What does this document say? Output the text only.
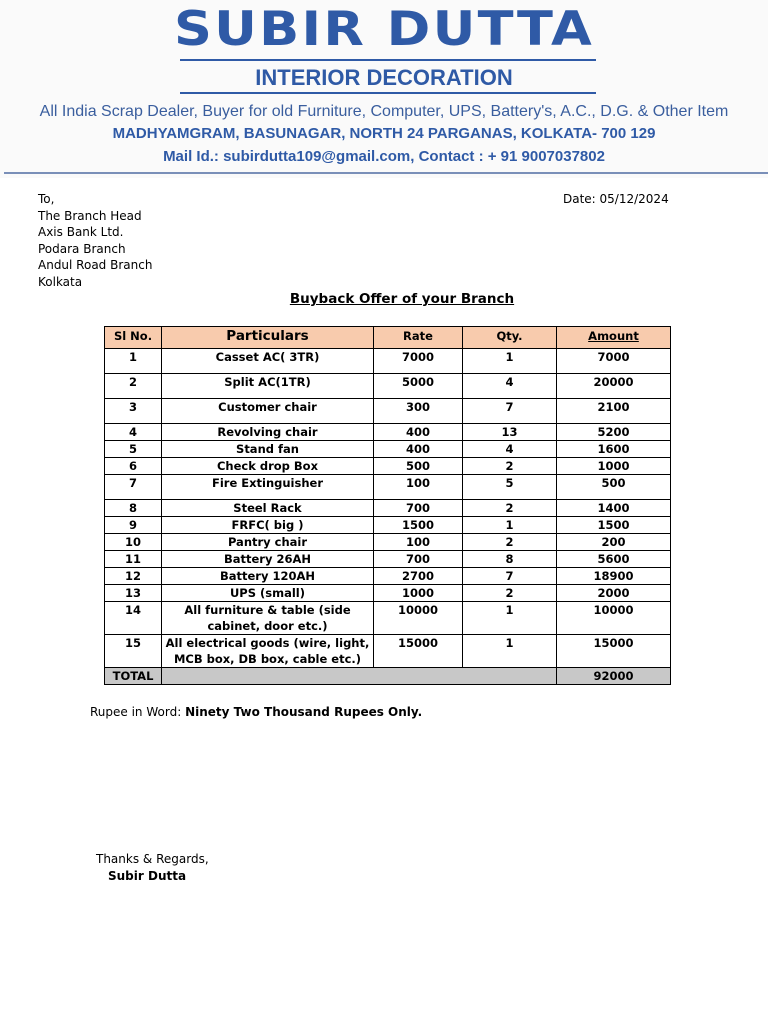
SUBIR DUTTA
INTERIOR DECORATION
All India Scrap Dealer, Buyer for old Furniture, Computer, UPS, Battery's, A.C., D.G. & Other Item
MADHYAMGRAM, BASUNAGAR, NORTH 24 PARGANAS, KOLKATA- 700 129
Mail Id.: subirdutta109@gmail.com, Contact : + 91 9007037802
To,
The Branch Head
Axis Bank Ltd.
Podara Branch
Andul Road Branch
Kolkata
Date: 05/12/2024
Buyback Offer of your Branch
Sl No.	Particulars	Rate	Qty.	Amount
1	Casset AC( 3TR)	7000	1	7000
2	Split AC(1TR)	5000	4	20000
3	Customer chair	300	7	2100
4	Revolving chair	400	13	5200
5	Stand fan	400	4	1600
6	Check drop Box	500	2	1000
7	Fire Extinguisher	100	5	500
8	Steel Rack	700	2	1400
9	FRFC( big )	1500	1	1500
10	Pantry chair	100	2	200
11	Battery 26AH	700	8	5600
12	Battery 120AH	2700	7	18900
13	UPS (small)	1000	2	2000
14	All furniture & table (side cabinet, door etc.)	10000	1	10000
15	All electrical goods (wire, light, MCB box, DB box, cable etc.)	15000	1	15000
TOTAL				92000
Rupee in Word: Ninety Two Thousand Rupees Only.
Thanks & Regards,
Subir Dutta
